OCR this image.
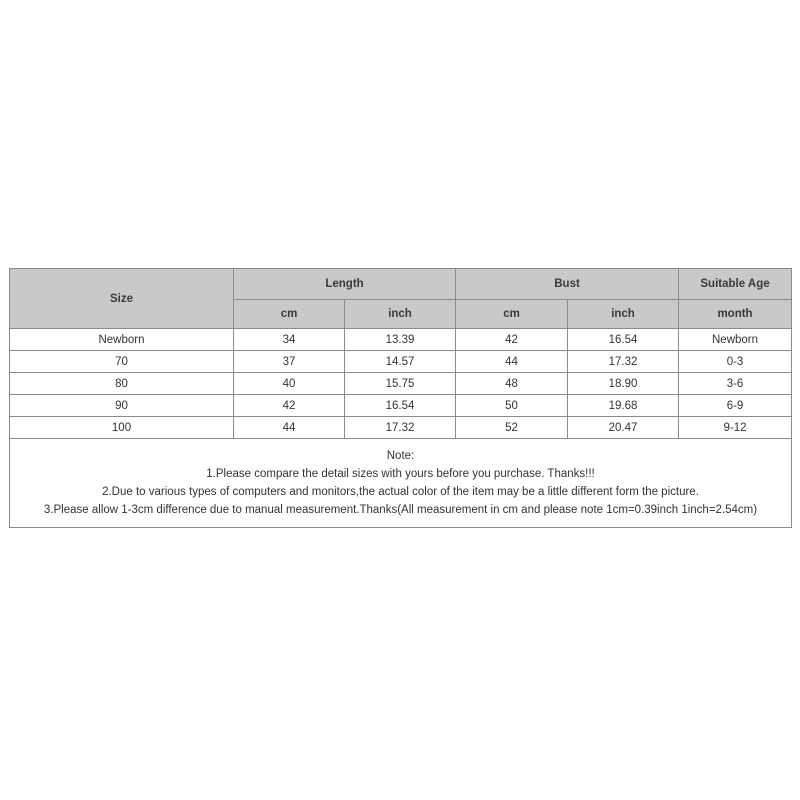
Size	Length		Bust		Suitable Age
	cm	inch	cm	inch	month
Newborn	34	13.39	42	16.54	Newborn
70	37	14.57	44	17.32	0-3
80	40	15.75	48	18.90	3-6
90	42	16.54	50	19.68	6-9
100	44	17.32	52	20.47	9-12

Note:
1.Please compare the detail sizes with yours before you purchase. Thanks!!!
2.Due to various types of computers and monitors,the actual color of the item may be a little different form the picture.
3.Please allow 1-3cm difference due to manual measurement.Thanks(All measurement in cm and please note 1cm=0.39inch 1inch=2.54cm)					
